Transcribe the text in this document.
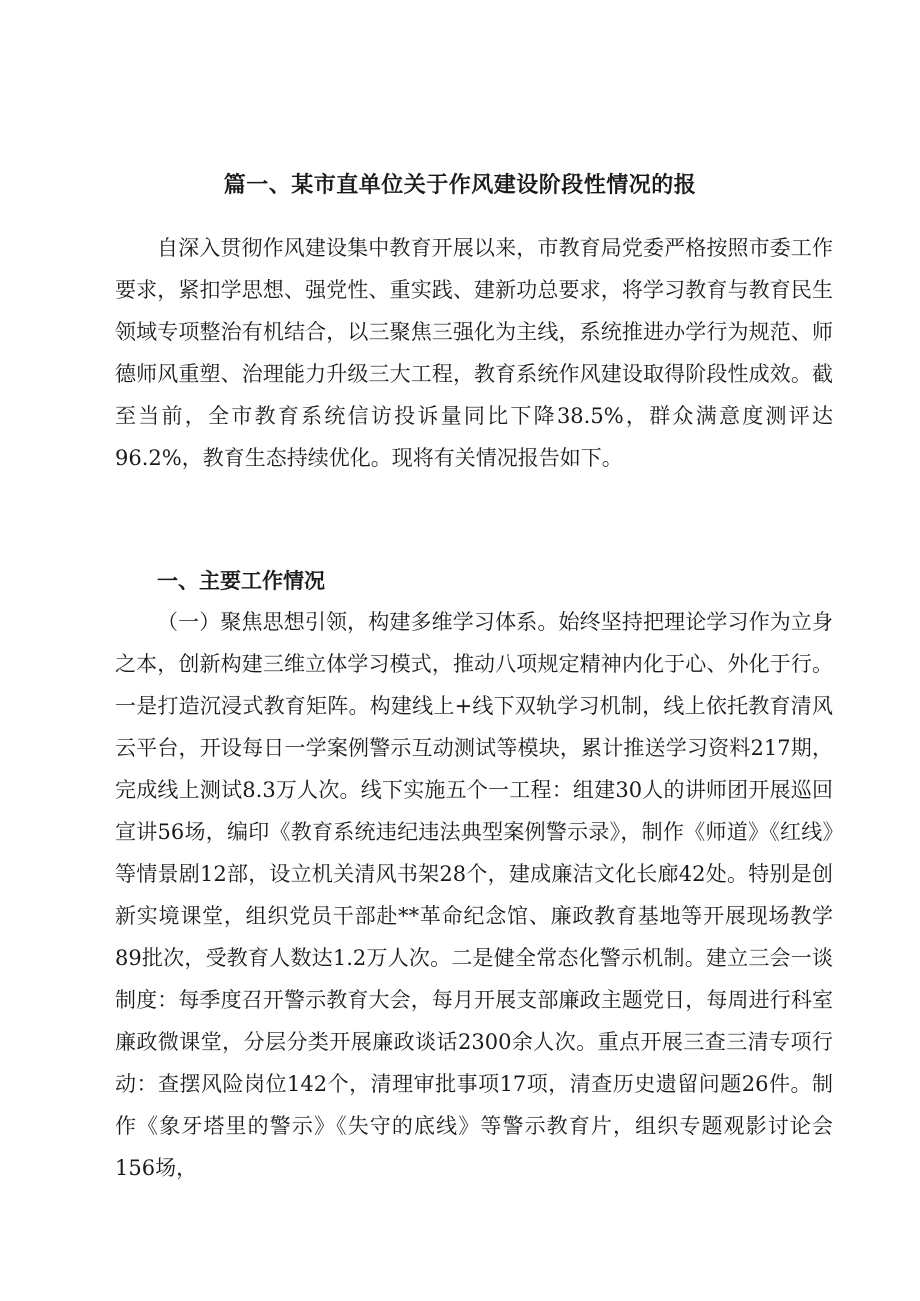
篇一、某市直单位关于作风建设阶段性情况的报

自深入贯彻作风建设集中教育开展以来，市教育局党委严格按照市委工作要求，紧扣学思想、强党性、重实践、建新功总要求，将学习教育与教育民生领域专项整治有机结合，以三聚焦三强化为主线，系统推进办学行为规范、师德师风重塑、治理能力升级三大工程，教育系统作风建设取得阶段性成效。截至当前，全市教育系统信访投诉量同比下降38.5%，群众满意度测评达96.2%，教育生态持续优化。现将有关情况报告如下。

一、主要工作情况

（一）聚焦思想引领，构建多维学习体系。始终坚持把理论学习作为立身之本，创新构建三维立体学习模式，推动八项规定精神内化于心、外化于行。一是打造沉浸式教育矩阵。构建线上+线下双轨学习机制，线上依托教育清风云平台，开设每日一学案例警示互动测试等模块，累计推送学习资料217期，完成线上测试8.3万人次。线下实施五个一工程：组建30人的讲师团开展巡回宣讲56场，编印《教育系统违纪违法典型案例警示录》，制作《师道》《红线》等情景剧12部，设立机关清风书架28个，建成廉洁文化长廊42处。特别是创新实境课堂，组织党员干部赴**革命纪念馆、廉政教育基地等开展现场教学89批次，受教育人数达1.2万人次。二是健全常态化警示机制。建立三会一谈制度：每季度召开警示教育大会，每月开展支部廉政主题党日，每周进行科室廉政微课堂，分层分类开展廉政谈话2300余人次。重点开展三查三清专项行动：查摆风险岗位142个，清理审批事项17项，清查历史遗留问题26件。制作《象牙塔里的警示》《失守的底线》等警示教育片，组织专题观影讨论会156场，
